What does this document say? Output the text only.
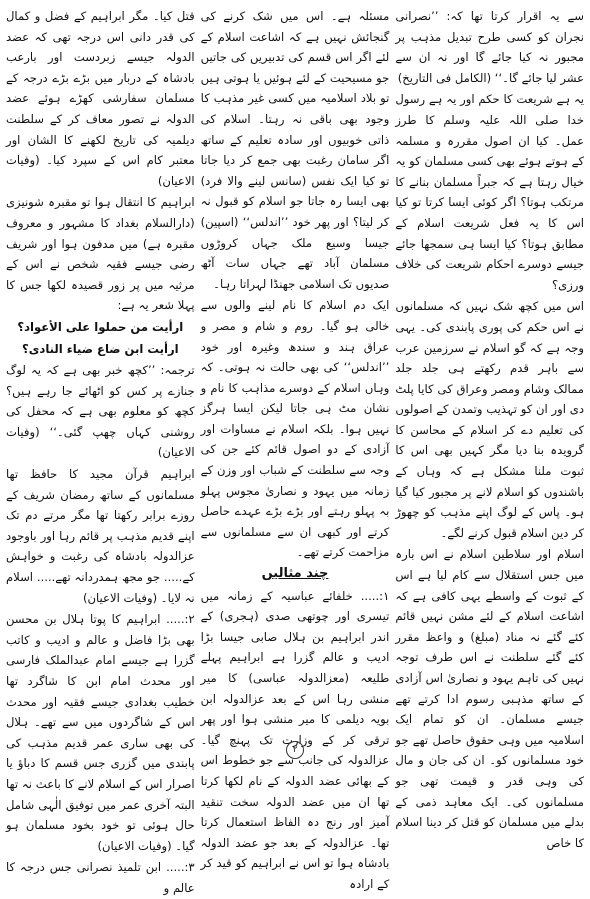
سے یہ اقرار کرتا تھا کہ: ’’نصرانی نجران کو کسی طرح تبدیل مذہب پر مجبور نہ کیا جائے گا اور نہ ان سے عشر لیا جائے گا۔‘‘ (الکامل فی التاریخ)

یہ ہے شریعت کا حکم اور یہ ہے رسول خدا صلی اللہ علیہ وسلم کا طرز عمل۔ کیا ان اصول مقررہ و مسلمہ کے ہوتے ہوئے بھی کسی مسلمان کو یہ خیال رہتا ہے کہ جبراً مسلمان بنانے کا مرتکب ہوتا؟ اگر کوئی ایسا کرتا تو کیا اس کا یہ فعل شریعت اسلام کے مطابق ہوتا؟ کیا ایسا ہی سمجھا جائے جیسے دوسرے احکام شریعت کی خلاف ورزی؟

اس میں کچھ شک نہیں کہ مسلمانوں نے اس حکم کی پوری پابندی کی۔ یہی وجہ ہے کہ گو اسلام نے سرزمین عرب سے باہر قدم رکھتے ہی جلد جلد ممالک وشام ومصر وعراق کی کایا پلٹ دی اور ان کو تہذیب وتمدن کے اصولوں کی تعلیم دے کر اسلام کے محاسن کا گرویدہ بنا دیا مگر کہیں بھی اس کا ثبوت ملنا مشکل ہے کہ وہاں کے باشندوں کو اسلام لانے پر مجبور کیا گیا ہو۔ پاس کے لوگ اپنے مذہب کو چھوڑ کر دین اسلام قبول کرنے لگے۔

اسلام اور سلاطین اسلام نے اس بارہ میں جس استقلال سے کام لیا ہے اس کے ثبوت کے واسطے یہی کافی ہے کہ اشاعت اسلام کے لئے مشن نہیں قائم کئے گئے نہ مناد (مبلغ) و واعظ مقرر کئے گئے سلطنت نے اس طرف توجہ نہیں کی تاہم یہود و نصاریٰ اس آزادی کے ساتھ مذہبی رسوم ادا کرتے تھے جیسے مسلمان۔ ان کو تمام ایک اسلامیہ میں وہی حقوق حاصل تھے جو خود مسلمانوں کو۔ ان کی جان و مال کی وہی قدر و قیمت تھی جو مسلمانوں کی۔ ایک معاہد ذمی کے بدلے میں مسلمان کو قتل کر دینا اسلام کا خاص

مسئلہ ہے۔ اس میں شک کرنے کی گنجائش نہیں ہے کہ اشاعت اسلام کے لئے اگر اس قسم کی تدبیریں کی جاتیں جو مسیحیت کے لئے ہوئیں یا ہوتی ہیں تو بلاد اسلامیہ میں کسی غیر مذہب کا وجود بھی باقی نہ رہتا۔ اسلام کی ذاتی خوبیوں اور سادہ تعلیم کے ساتھ اگر سامان رغبت بھی جمع کر دیا جاتا تو کیا ایک نفس (سانس لینے والا فرد) بھی ایسا رہ جاتا جو اسلام کو قبول نہ کر لیتا؟ اور پھر خود ’’اندلس‘‘ (اسپین) جیسا وسیع ملک جہاں کروڑوں مسلمان آباد تھے جہاں سات آٹھ صدیوں تک اسلامی جھنڈا لہراتا رہا۔

ایک دم اسلام کا نام لینے والوں سے خالی ہو گیا۔ روم و شام و مصر و عراق ہند و سندھ وغیرہ اور خود ’’اندلس‘‘ کی بھی حالت نہ ہوتی۔ کہ وہاں اسلام کے دوسرے مذاہب کا نام و نشان مٹ ہی جاتا لیکن ایسا ہرگز نہیں ہوا۔ بلکہ اسلام نے مساوات اور آزادی کے دو اصول قائم کئے جن کی وجہ سے سلطنت کے شباب اور وزن کے زمانہ میں یہود و نصاریٰ مجوس پہلو بہ پہلو رہتے اور بڑے بڑے عہدے حاصل کرتے اور کبھی ان سے مسلمانوں سے مزاحمت کرتے تھے۔

چند مثالیں

۱:..... خلفائے عباسیہ کے زمانہ میں تیسری اور چوتھی صدی (ہجری) کے اندر ابراہیم بن ہلال صابی جیسا بڑا ادیب و عالم گزرا ہے ابراہیم پہلے طلیعہ (معزالدولہ عباسی) کا میر منشی رہا اس کے بعد عزالدولہ ابن بویہ دیلمی کا میر منشی ہوا اور پھر ترقی کر کے وزارت تک پہنچ گیا۔ عزالدولہ کی جانب سے جو خطوط اس کے بھائی عضد الدولہ کے نام لکھا کرتا تھا ان میں عضد الدولہ سخت تنقید آمیز اور رنج دہ الفاظ استعمال کرتا تھا۔ عزالدولہ کے بعد جو عضد الدولہ بادشاہ ہوا تو اس نے ابراہیم کو قید کر کے ارادہ

قتل کیا۔ مگر ابراہیم کے فضل و کمال کی قدر دانی اس درجہ تھی کہ عضد الدولہ جیسے زبردست اور بارعب بادشاہ کے دربار میں بڑے بڑے درجہ کے مسلمان سفارشی کھڑے ہوئے عضد الدولہ نے تصور معاف کر کے سلطنت دیلمیہ کی تاریخ لکھنے کا الشان اور معتبر کام اس کے سپرد کیا۔ (وفیات الاعیان)

ابراہیم کا انتقال ہوا تو مقبرہ شونیزی (دارالسلام بغداد کا مشہور و معروف مقبرہ ہے) میں مدفون ہوا اور شریف رضی جیسے فقیہ شخص نے اس کے مرثیہ میں پر زور قصیدہ لکھا جس کا پہلا شعر یہ ہے:

ارأیت من حملوا علی الأعواد؟

ارأیت ابن ضاع ضیاء النادی؟

ترجمہ: ’’کچھ خبر بھی ہے کہ یہ لوگ جنازے پر کس کو اٹھائے جا رہے ہیں؟ کچھ کو معلوم بھی ہے کہ محفل کی روشنی کہاں چھپ گئی۔‘‘ (وفیات الاعیان)

ابراہیم قرآن مجید کا حافظ تھا مسلمانوں کے ساتھ رمضان شریف کے روزے برابر رکھتا تھا مگر مرتے دم تک اپنے قدیم مذہب پر قائم رہا اور باوجود عزالدولہ بادشاہ کی رغبت و خواہش کے..... جو مجھ ہمدردانہ تھے..... اسلام نہ لایا۔ (وفیات الاعیان)

۲:..... ابراہیم کا پوتا ہلال بن محسن بھی بڑا فاضل و عالم و ادیب و کاتب گزرا ہے جیسے امام عبدالملک فارسی اور محدث امام ابن کا شاگرد تھا خطیب بغدادی جیسے فقیہ اور محدث اس کے شاگردوں میں سے تھے۔ ہلال کی بھی ساری عمر قدیم مذہب کی پابندی میں گزری جس قسم کا دباؤ یا اصرار اس کے اسلام لانے کا باعث نہ تھا البتہ آخری عمر میں توفیق الٰہی شامل حال ہوئی تو خود بخود مسلمان ہو گیا۔ (وفیات الاعیان)

۳:..... ابن تلمیذ نصرانی جس درجہ کا عالم و

۲
